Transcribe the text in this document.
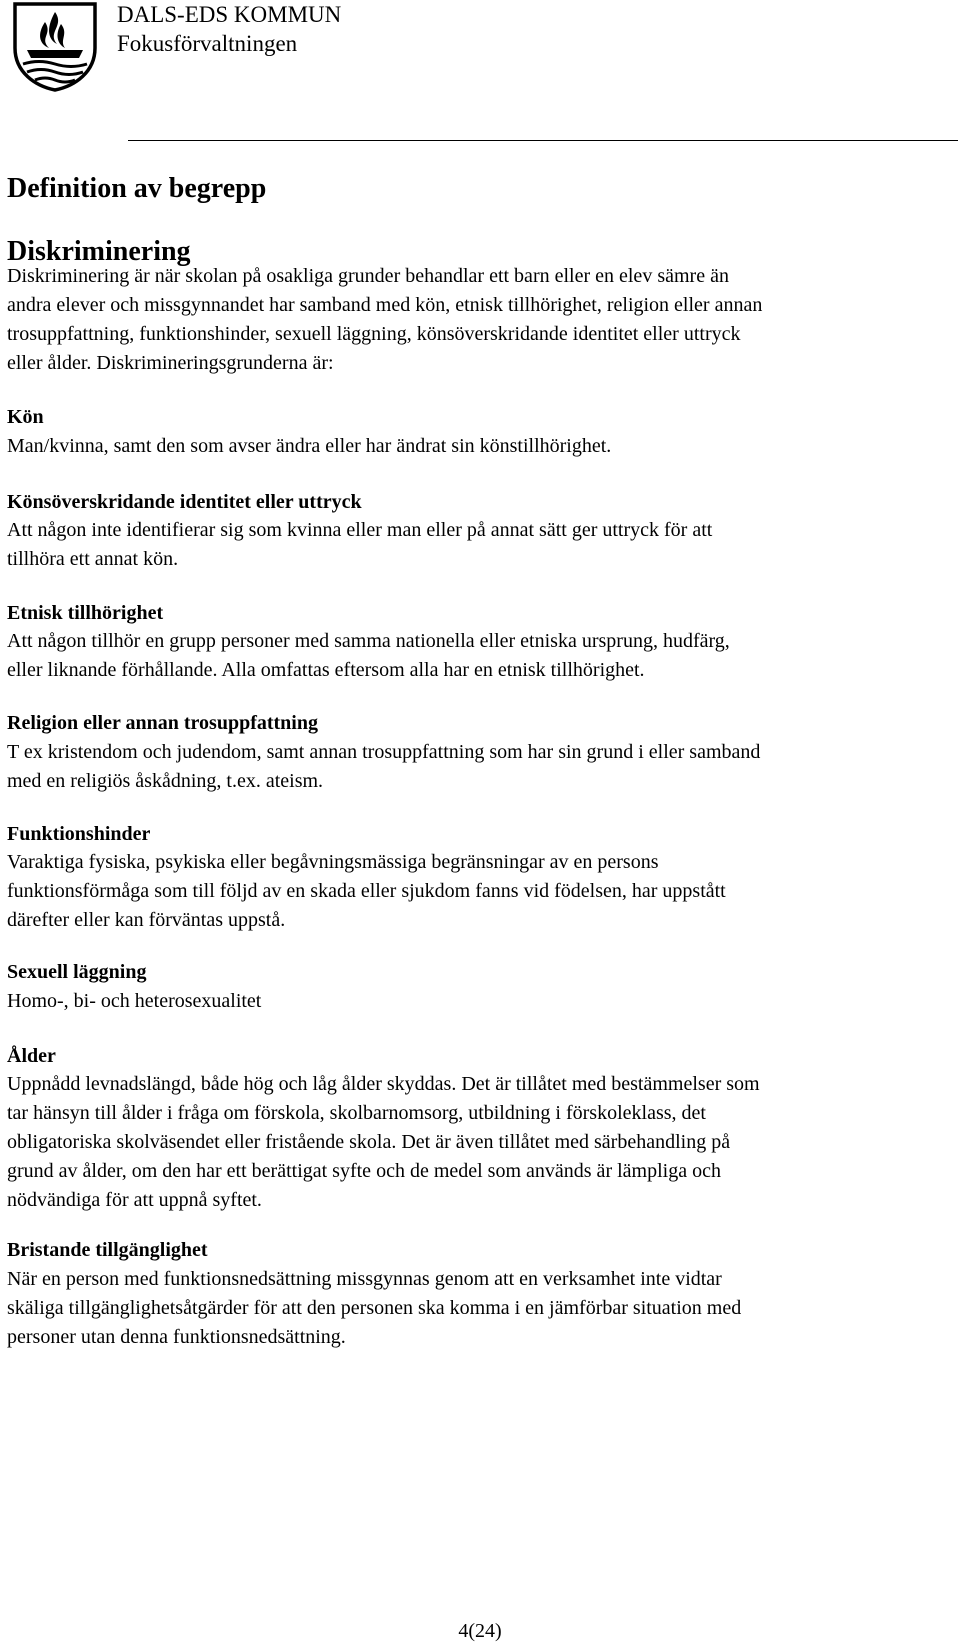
DALS-EDS KOMMUN
Fokusförvaltningen
Definition av begrepp
Diskriminering

Diskriminering är när skolan på osakliga grunder behandlar ett barn eller en elev sämre än
andra elever och missgynnandet har samband med kön, etnisk tillhörighet, religion eller annan
trosuppfattning, funktionshinder, sexuell läggning, könsöverskridande identitet eller uttryck
eller ålder. Diskrimineringsgrunderna är:

Kön

Man/kvinna, samt den som avser ändra eller har ändrat sin könstillhörighet.

Könsöverskridande identitet eller uttryck

Att någon inte identifierar sig som kvinna eller man eller på annat sätt ger uttryck för att
tillhöra ett annat kön.

Etnisk tillhörighet

Att någon tillhör en grupp personer med samma nationella eller etniska ursprung, hudfärg,
eller liknande förhållande. Alla omfattas eftersom alla har en etnisk tillhörighet.

Religion eller annan trosuppfattning

T ex kristendom och judendom, samt annan trosuppfattning som har sin grund i eller samband
med en religiös åskådning, t.ex. ateism.

Funktionshinder

Varaktiga fysiska, psykiska eller begåvningsmässiga begränsningar av en persons
funktionsförmåga som till följd av en skada eller sjukdom fanns vid födelsen, har uppstått
därefter eller kan förväntas uppstå.

Sexuell läggning

Homo-, bi- och heterosexualitet

Ålder

Uppnådd levnadslängd, både hög och låg ålder skyddas. Det är tillåtet med bestämmelser som
tar hänsyn till ålder i fråga om förskola, skolbarnomsorg, utbildning i förskoleklass, det
obligatoriska skolväsendet eller fristående skola. Det är även tillåtet med särbehandling på
grund av ålder, om den har ett berättigat syfte och de medel som används är lämpliga och
nödvändiga för att uppnå syftet.

Bristande tillgänglighet

När en person med funktionsnedsättning missgynnas genom att en verksamhet inte vidtar
skäliga tillgänglighetsåtgärder för att den personen ska komma i en jämförbar situation med
personer utan denna funktionsnedsättning.

4(24)
